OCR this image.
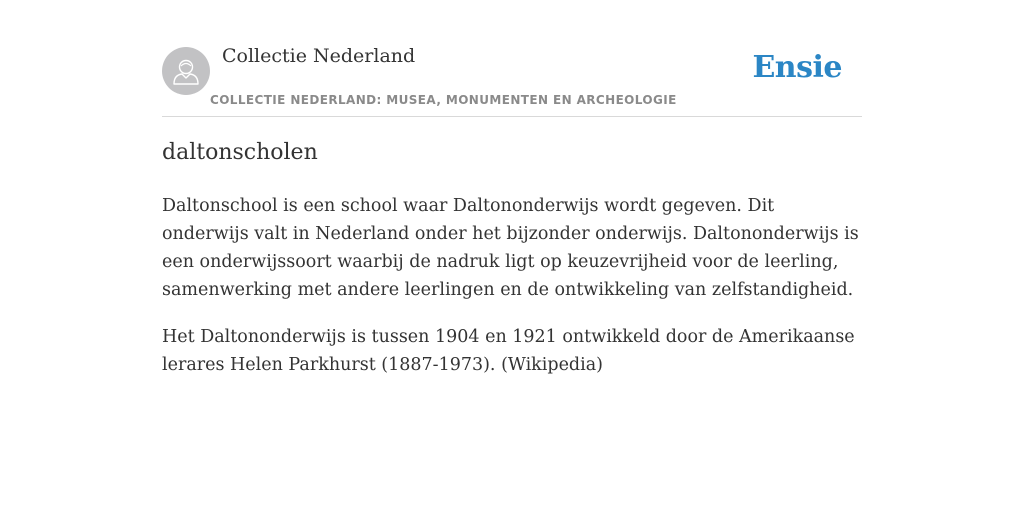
Collectie Nederland
COLLECTIE NEDERLAND: MUSEA, MONUMENTEN EN ARCHEOLOGIE
Ensie
daltonscholen

Daltonschool is een school waar Daltononderwijs wordt gegeven. Dit onderwijs valt in Nederland onder het bijzonder onderwijs. Daltononderwijs is een onderwijssoort waarbij de nadruk ligt op keuzevrijheid voor de leerling, samenwerking met andere leerlingen en de ontwikkeling van zelfstandigheid.

Het Daltononderwijs is tussen 1904 en 1921 ontwikkeld door de Amerikaanse lerares Helen Parkhurst (1887-1973). (Wikipedia)
